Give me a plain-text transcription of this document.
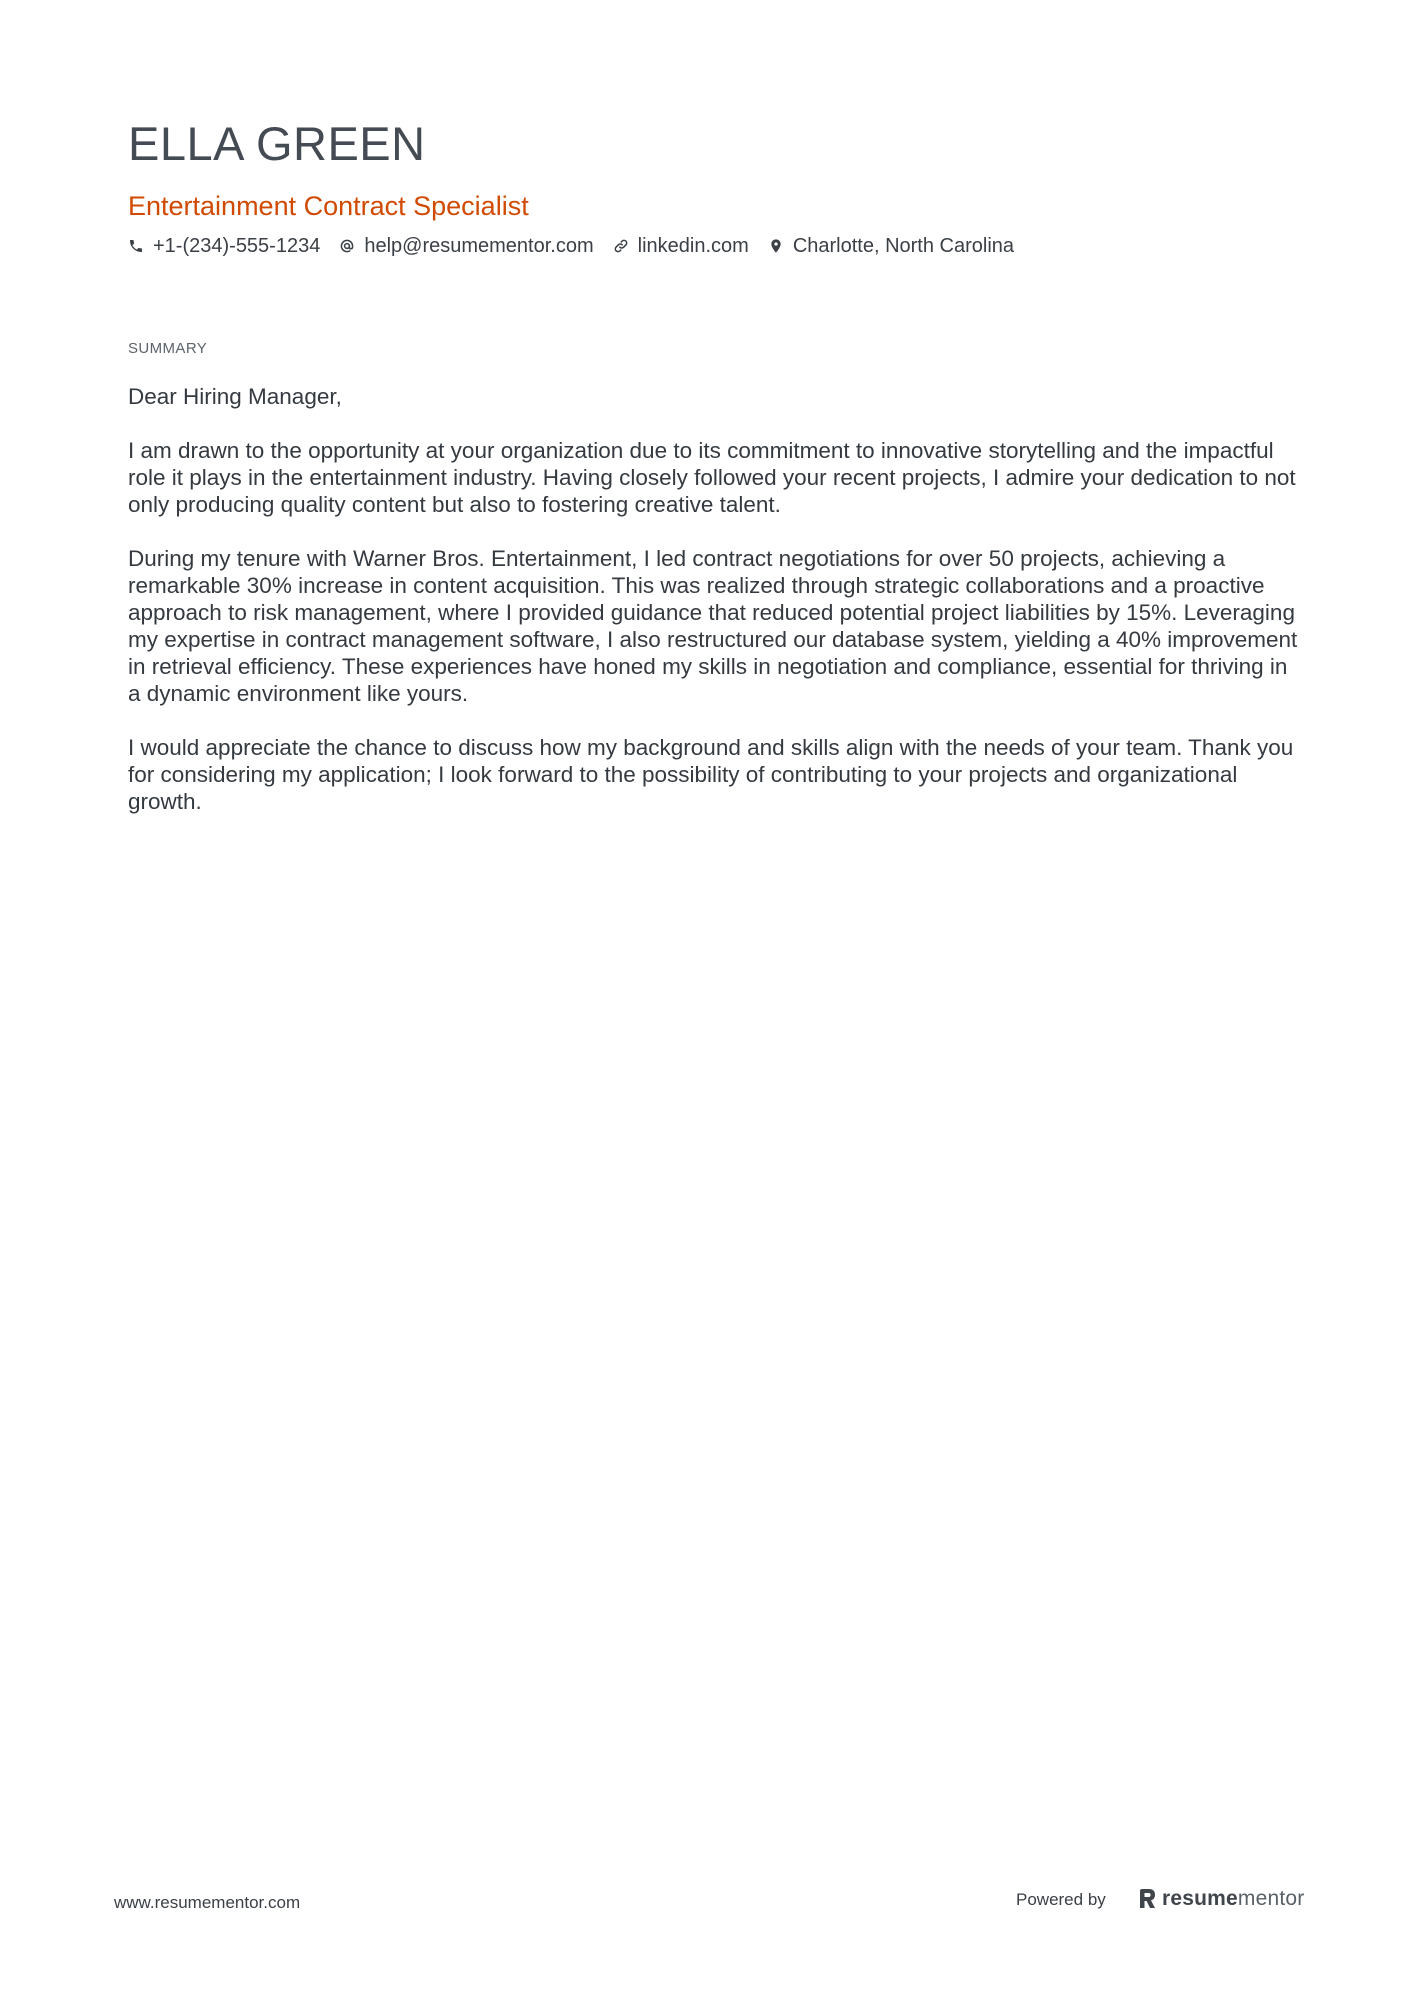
ELLA GREEN
Entertainment Contract Specialist
+1-(234)-555-1234 help@resumementor.com linkedin.com Charlotte, North Carolina
SUMMARY

Dear Hiring Manager,

I am drawn to the opportunity at your organization due to its commitment to innovative storytelling and the impactful role it plays in the entertainment industry. Having closely followed your recent projects, I admire your dedication to not only producing quality content but also to fostering creative talent.

During my tenure with Warner Bros. Entertainment, I led contract negotiations for over 50 projects, achieving a remarkable 30% increase in content acquisition. This was realized through strategic collaborations and a proactive approach to risk management, where I provided guidance that reduced potential project liabilities by 15%. Leveraging my expertise in contract management software, I also restructured our database system, yielding a 40% improvement in retrieval efficiency. These experiences have honed my skills in negotiation and compliance, essential for thriving in a dynamic environment like yours.

I would appreciate the chance to discuss how my background and skills align with the needs of your team. Thank you for considering my application; I look forward to the possibility of contributing to your projects and organizational growth.

www.resumementor.com	Powered by	resumementor
